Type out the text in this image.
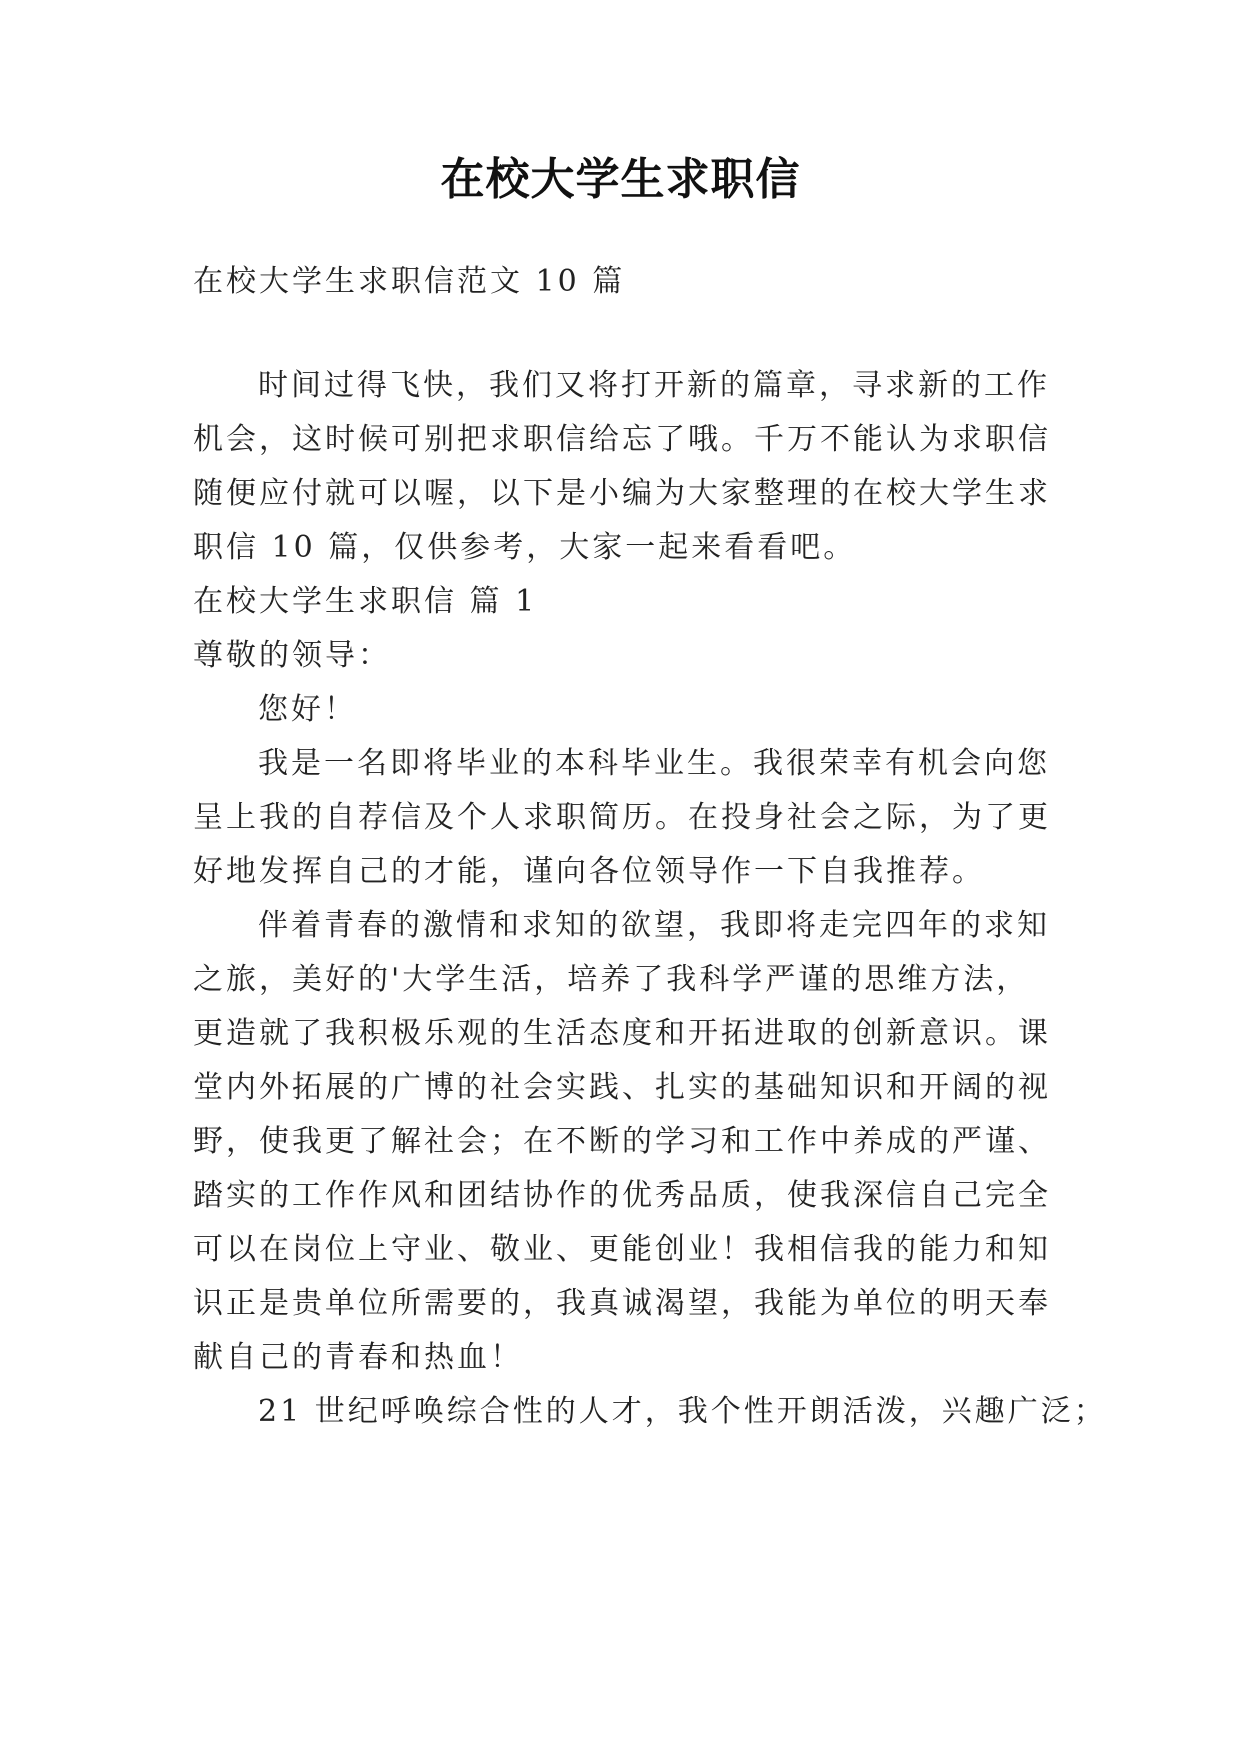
在校大学生求职信
在校大学生求职信范文 10 篇
时间过得飞快，我们又将打开新的篇章，寻求新的工作
机会，这时候可别把求职信给忘了哦。千万不能认为求职信
随便应付就可以喔，以下是小编为大家整理的在校大学生求
职信 10 篇，仅供参考，大家一起来看看吧。
在校大学生求职信 篇 1
尊敬的领导：
您好！
我是一名即将毕业的本科毕业生。我很荣幸有机会向您
呈上我的自荐信及个人求职简历。在投身社会之际，为了更
好地发挥自己的才能，谨向各位领导作一下自我推荐。
伴着青春的激情和求知的欲望，我即将走完四年的求知
之旅，美好的'大学生活，培养了我科学严谨的思维方法，
更造就了我积极乐观的生活态度和开拓进取的创新意识。课
堂内外拓展的广博的社会实践、扎实的基础知识和开阔的视
野，使我更了解社会；在不断的学习和工作中养成的严谨、
踏实的工作作风和团结协作的优秀品质，使我深信自己完全
可以在岗位上守业、敬业、更能创业！我相信我的能力和知
识正是贵单位所需要的，我真诚渴望，我能为单位的明天奉
献自己的青春和热血！
21 世纪呼唤综合性的人才，我个性开朗活泼，兴趣广泛；
